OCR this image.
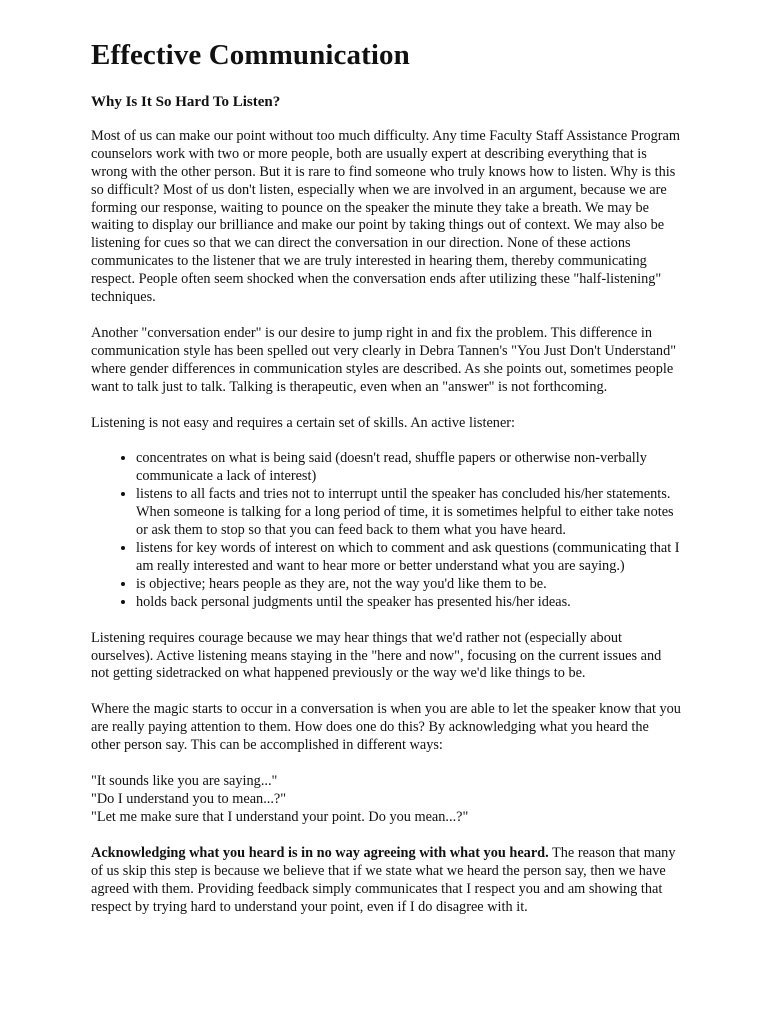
Effective Communication
Why Is It So Hard To Listen?

Most of us can make our point without too much difficulty. Any time Faculty Staff Assistance Program counselors work with two or more people, both are usually expert at describing everything that is wrong with the other person. But it is rare to find someone who truly knows how to listen. Why is this so difficult? Most of us don't listen, especially when we are involved in an argument, because we are forming our response, waiting to pounce on the speaker the minute they take a breath. We may be waiting to display our brilliance and make our point by taking things out of context. We may also be listening for cues so that we can direct the conversation in our direction. None of these actions communicates to the listener that we are truly interested in hearing them, thereby communicating respect. People often seem shocked when the conversation ends after utilizing these "half-listening" techniques.

Another "conversation ender" is our desire to jump right in and fix the problem. This difference in communication style has been spelled out very clearly in Debra Tannen's "You Just Don't Understand" where gender differences in communication styles are described. As she points out, sometimes people want to talk just to talk. Talking is therapeutic, even when an "answer" is not forthcoming.

Listening is not easy and requires a certain set of skills. An active listener:

• concentrates on what is being said (doesn't read, shuffle papers or otherwise non-verbally communicate a lack of interest)
• listens to all facts and tries not to interrupt until the speaker has concluded his/her statements. When someone is talking for a long period of time, it is sometimes helpful to either take notes or ask them to stop so that you can feed back to them what you have heard.
• listens for key words of interest on which to comment and ask questions (communicating that I am really interested and want to hear more or better understand what you are saying.)
• is objective; hears people as they are, not the way you'd like them to be.
• holds back personal judgments until the speaker has presented his/her ideas.

Listening requires courage because we may hear things that we'd rather not (especially about ourselves). Active listening means staying in the "here and now", focusing on the current issues and not getting sidetracked on what happened previously or the way we'd like things to be.

Where the magic starts to occur in a conversation is when you are able to let the speaker know that you are really paying attention to them. How does one do this? By acknowledging what you heard the other person say. This can be accomplished in different ways:

"It sounds like you are saying..."

"Do I understand you to mean...?"

"Let me make sure that I understand your point. Do you mean...?"

Acknowledging what you heard is in no way agreeing with what you heard. The reason that many of us skip this step is because we believe that if we state what we heard the person say, then we have agreed with them. Providing feedback simply communicates that I respect you and am showing that respect by trying hard to understand your point, even if I do disagree with it.
